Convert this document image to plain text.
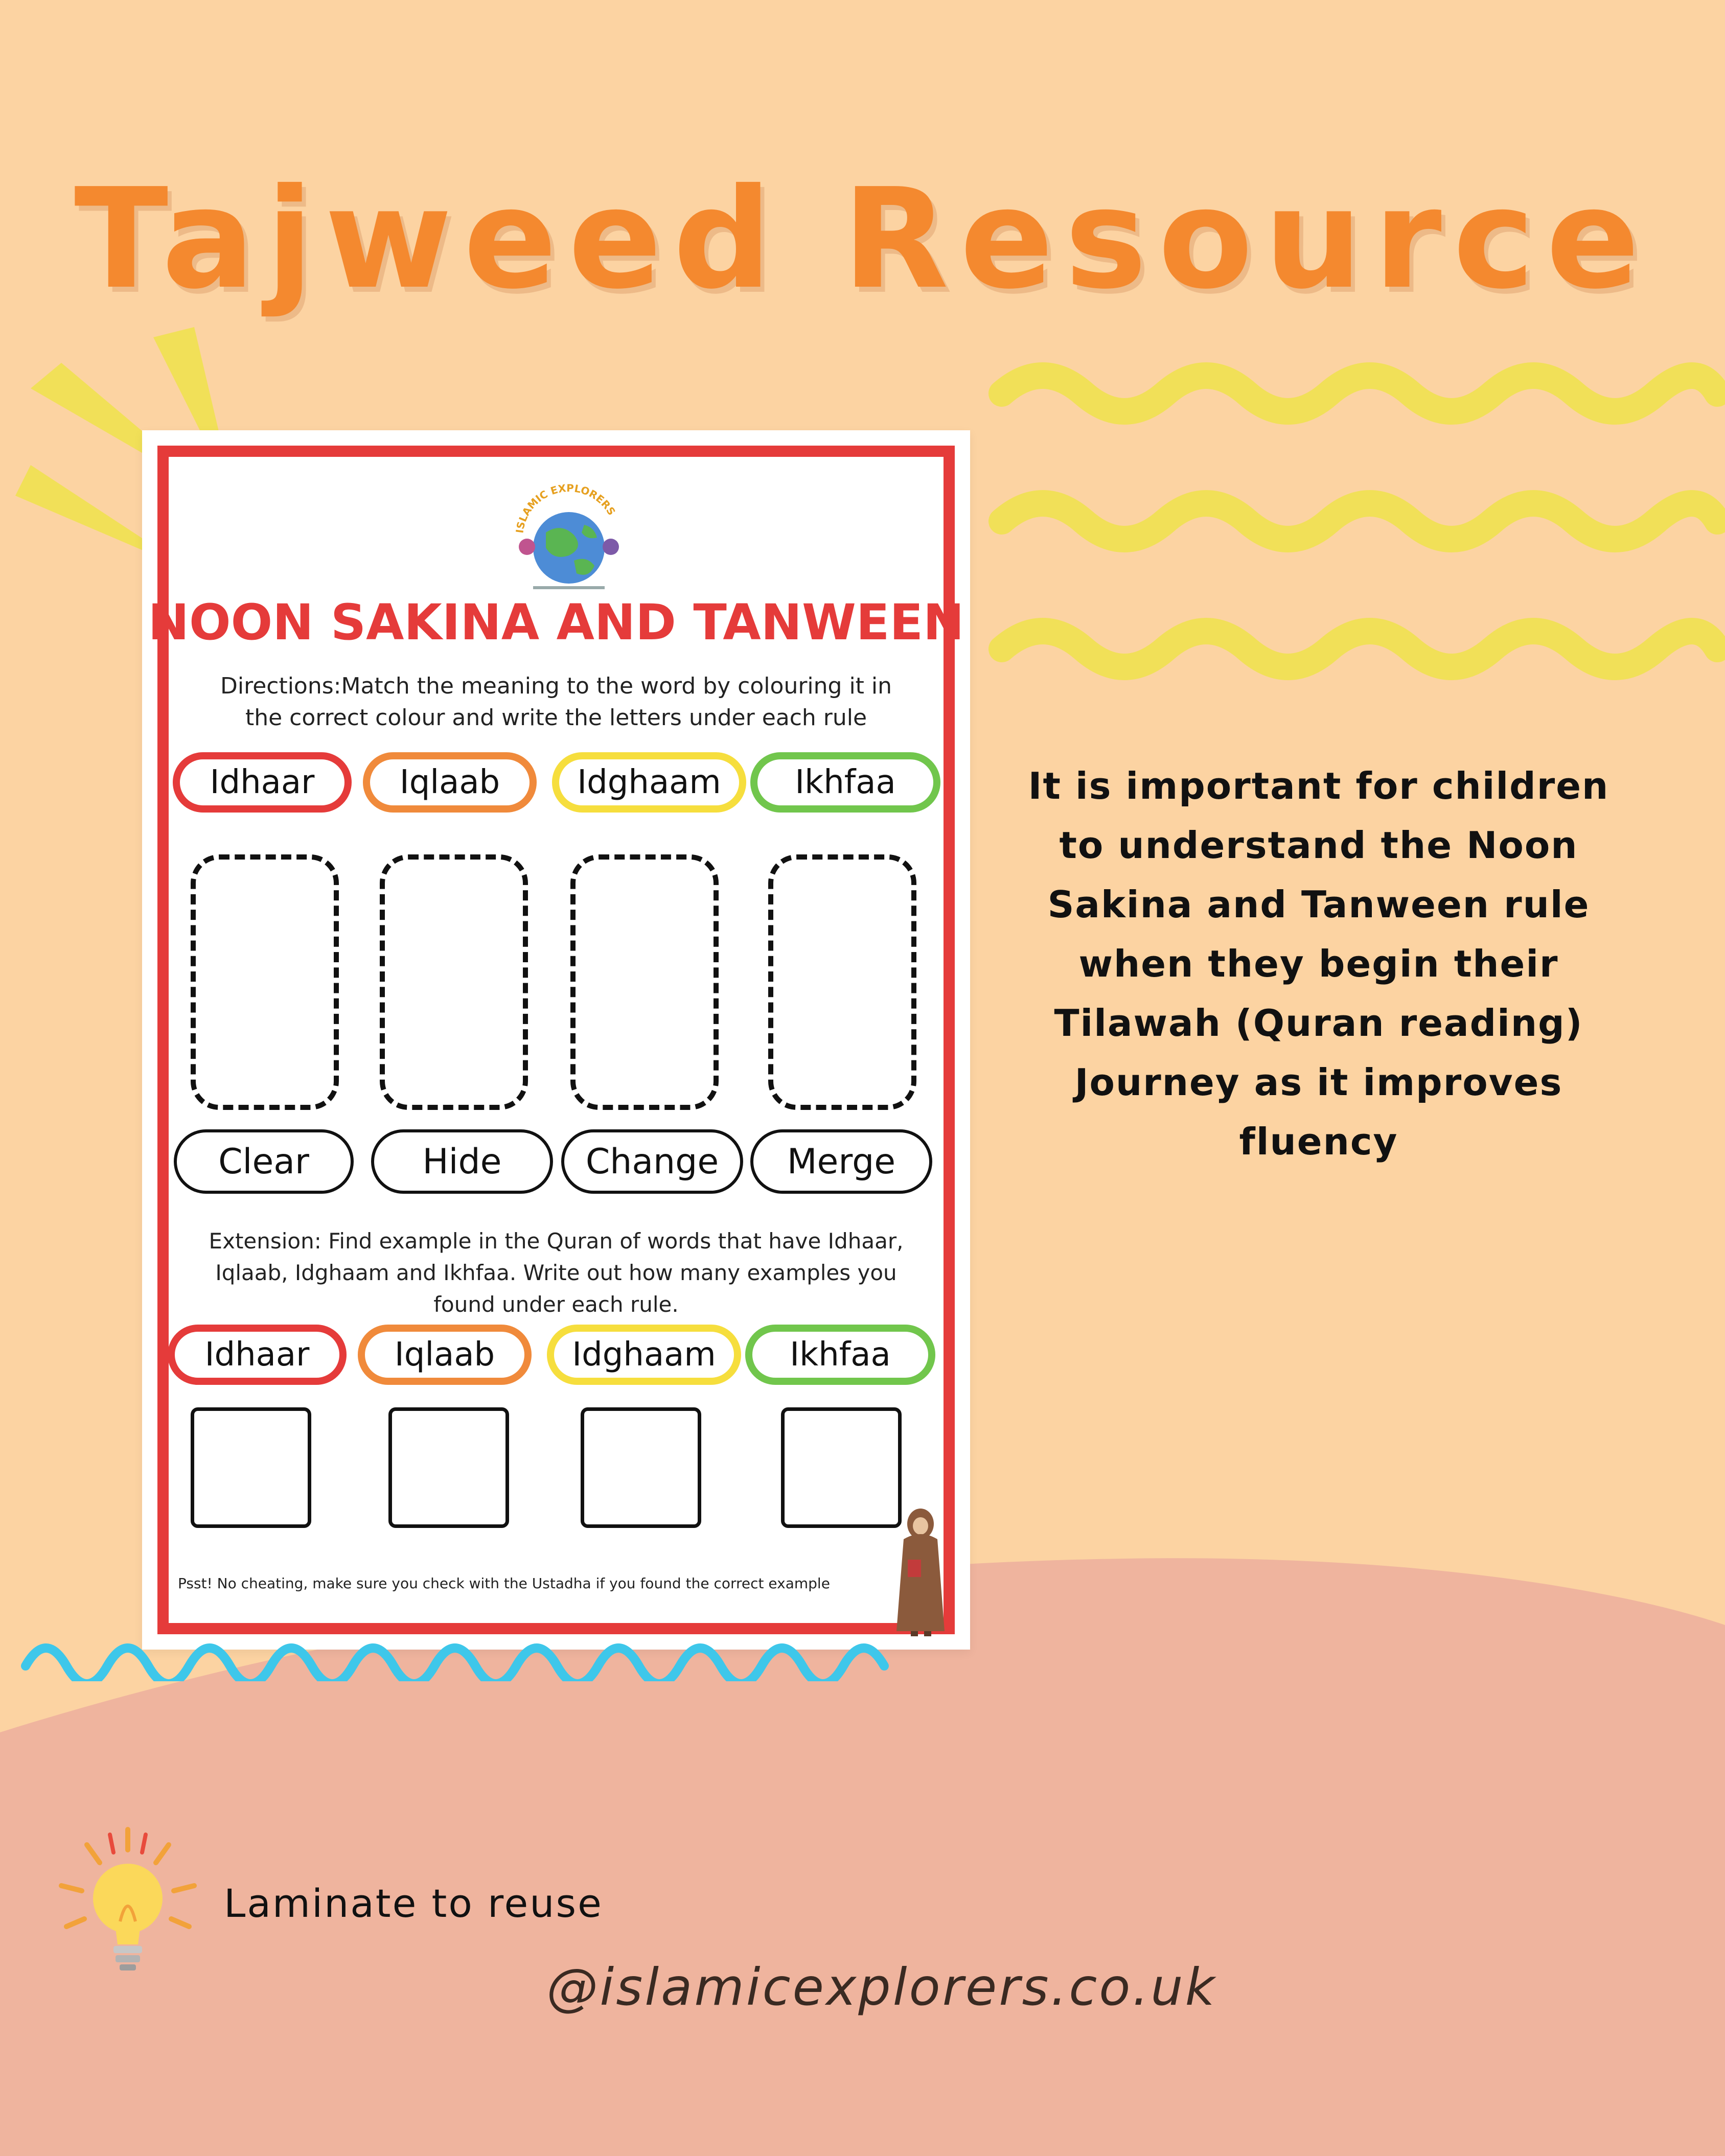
Tajweed Resource
ISLAMIC EXPLORERS
NOON SAKINA AND TANWEEN
Directions:Match the meaning to the word by colouring it in the correct colour and write the letters under each rule
Idhaar	Iqlaab	Idghaam	Ikhfaa
Clear	Hide	Change	Merge
Extension: Find example in the Quran of words that have Idhaar, Iqlaab, Idghaam and Ikhfaa. Write out how many examples you found under each rule.
Idhaar	Iqlaab	Idghaam	Ikhfaa
Psst! No cheating, make sure you check with the Ustadha if you found the correct example
It is important for children to understand the Noon Sakina and Tanween rule when they begin their Tilawah (Quran reading) Journey as it improves fluency
Laminate to reuse
@islamicexplorers.co.uk
